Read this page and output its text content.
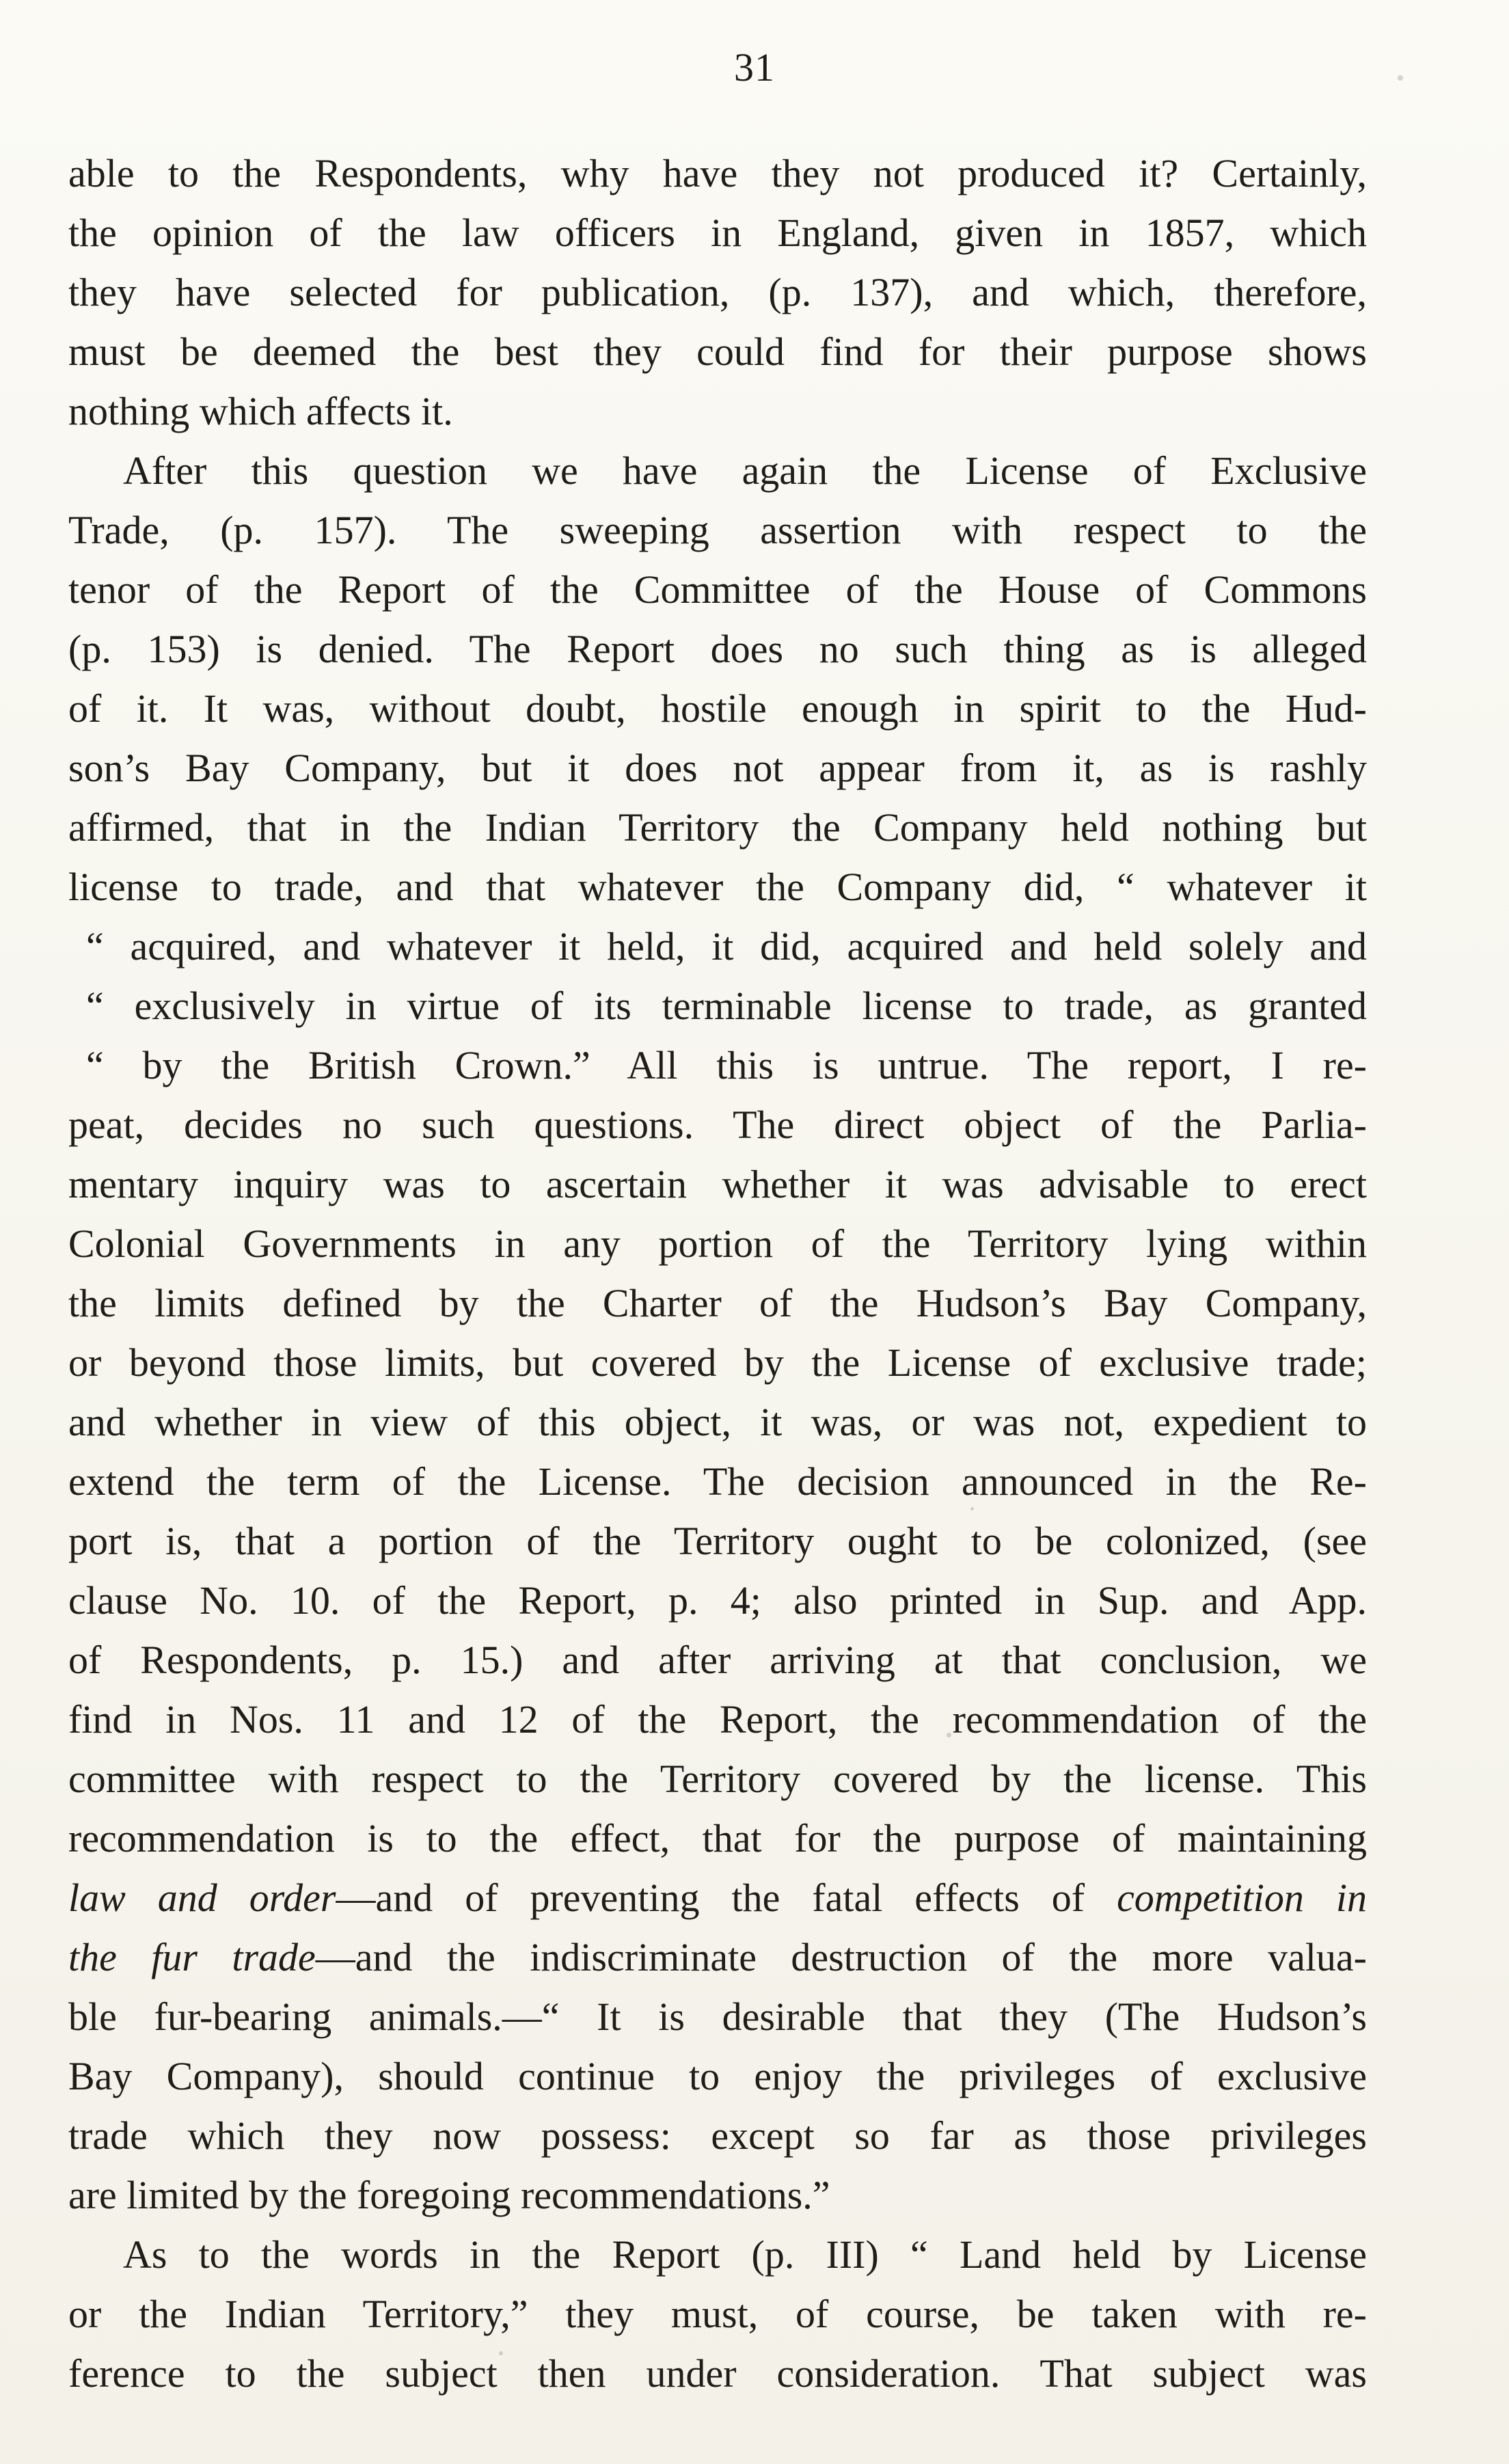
31
able to the Respondents, why have they not produced it? Certainly,
the opinion of the law officers in England, given in 1857, which
they have selected for publication, (p. 137), and which, therefore,
must be deemed the best they could find for their purpose shows
nothing which affects it.
After this question we have again the License of Exclusive
Trade, (p. 157). The sweeping assertion with respect to the
tenor of the Report of the Committee of the House of Commons
(p. 153) is denied. The Report does no such thing as is alleged
of it. It was, without doubt, hostile enough in spirit to the Hud-
son’s Bay Company, but it does not appear from it, as is rashly
affirmed, that in the Indian Territory the Company held nothing but
license to trade, and that whatever the Company did, “ whatever it
“ acquired, and whatever it held, it did, acquired and held solely and
“ exclusively in virtue of its terminable license to trade, as granted
“ by the British Crown.” All this is untrue. The report, I re-
peat, decides no such questions. The direct object of the Parlia-
mentary inquiry was to ascertain whether it was advisable to erect
Colonial Governments in any portion of the Territory lying within
the limits defined by the Charter of the Hudson’s Bay Company,
or beyond those limits, but covered by the License of exclusive trade;
and whether in view of this object, it was, or was not, expedient to
extend the term of the License. The decision announced in the Re-
port is, that a portion of the Territory ought to be colonized, (see
clause No. 10. of the Report, p. 4; also printed in Sup. and App.
of Respondents, p. 15.) and after arriving at that conclusion, we
find in Nos. 11 and 12 of the Report, the recommendation of the
committee with respect to the Territory covered by the license. This
recommendation is to the effect, that for the purpose of maintaining
law and order—and of preventing the fatal effects of competition in
the fur trade—and the indiscriminate destruction of the more valua-
ble fur-bearing animals.—“ It is desirable that they (The Hudson’s
Bay Company), should continue to enjoy the privileges of exclusive
trade which they now possess: except so far as those privileges
are limited by the foregoing recommendations.”
As to the words in the Report (p. III) “ Land held by License
or the Indian Territory,” they must, of course, be taken with re-
ference to the subject then under consideration. That subject was
